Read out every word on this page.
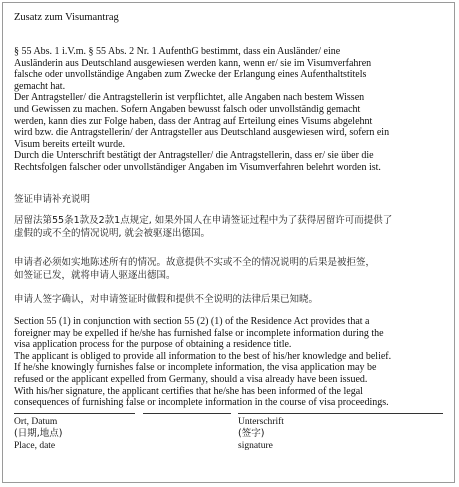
Zusatz zum Visumantrag

§ 55 Abs. 1 i.V.m. § 55 Abs. 2 Nr. 1 AufenthG bestimmt, dass ein Ausländer/ eine

Ausländerin aus Deutschland ausgewiesen werden kann, wenn er/ sie im Visumverfahren

falsche oder unvollständige Angaben zum Zwecke der Erlangung eines Aufenthaltstitels

gemacht hat.

Der Antragsteller/ die Antragstellerin ist verpflichtet, alle Angaben nach bestem Wissen

und Gewissen zu machen. Sofern Angaben bewusst falsch oder unvollständig gemacht

werden, kann dies zur Folge haben, dass der Antrag auf Erteilung eines Visums abgelehnt

wird bzw. die Antragstellerin/ der Antragsteller aus Deutschland ausgewiesen wird, sofern ein

Visum bereits erteilt wurde.

Durch die Unterschrift bestätigt der Antragsteller/ die Antragstellerin, dass er/ sie über die

Rechtsfolgen falscher oder unvollständiger Angaben im Visumverfahren belehrt worden ist.

签证申请补充说明

居留法第55条1款及2款1点规定, 如果外国人在申请签证过程中为了获得居留许可而提供了

虚假的或不全的情况说明, 就会被驱逐出德国。

申请者必须如实地陈述所有的情况。故意提供不实或不全的情况说明的后果是被拒签，

如签证已发，就将申请人驱逐出德国。

申请人签字确认，对申请签证时做假和提供不全说明的法律后果已知晓。

Section 55 (1) in conjunction with section 55 (2) (1) of the Residence Act provides that a

foreigner may be expelled if he/she has furnished false or incomplete information during the

visa application process for the purpose of obtaining a residence title.

The applicant is obliged to provide all information to the best of his/her knowledge and belief.

If he/she knowingly furnishes false or incomplete information, the visa application may be

refused or the applicant expelled from Germany, should a visa already have been issued.

With his/her signature, the applicant certifies that he/she has been informed of the legal

consequences of furnishing false or incomplete information in the course of visa proceedings.

Ort, Datum
(日期,地点)
Place, date
Unterschrift
(签字)
signature
